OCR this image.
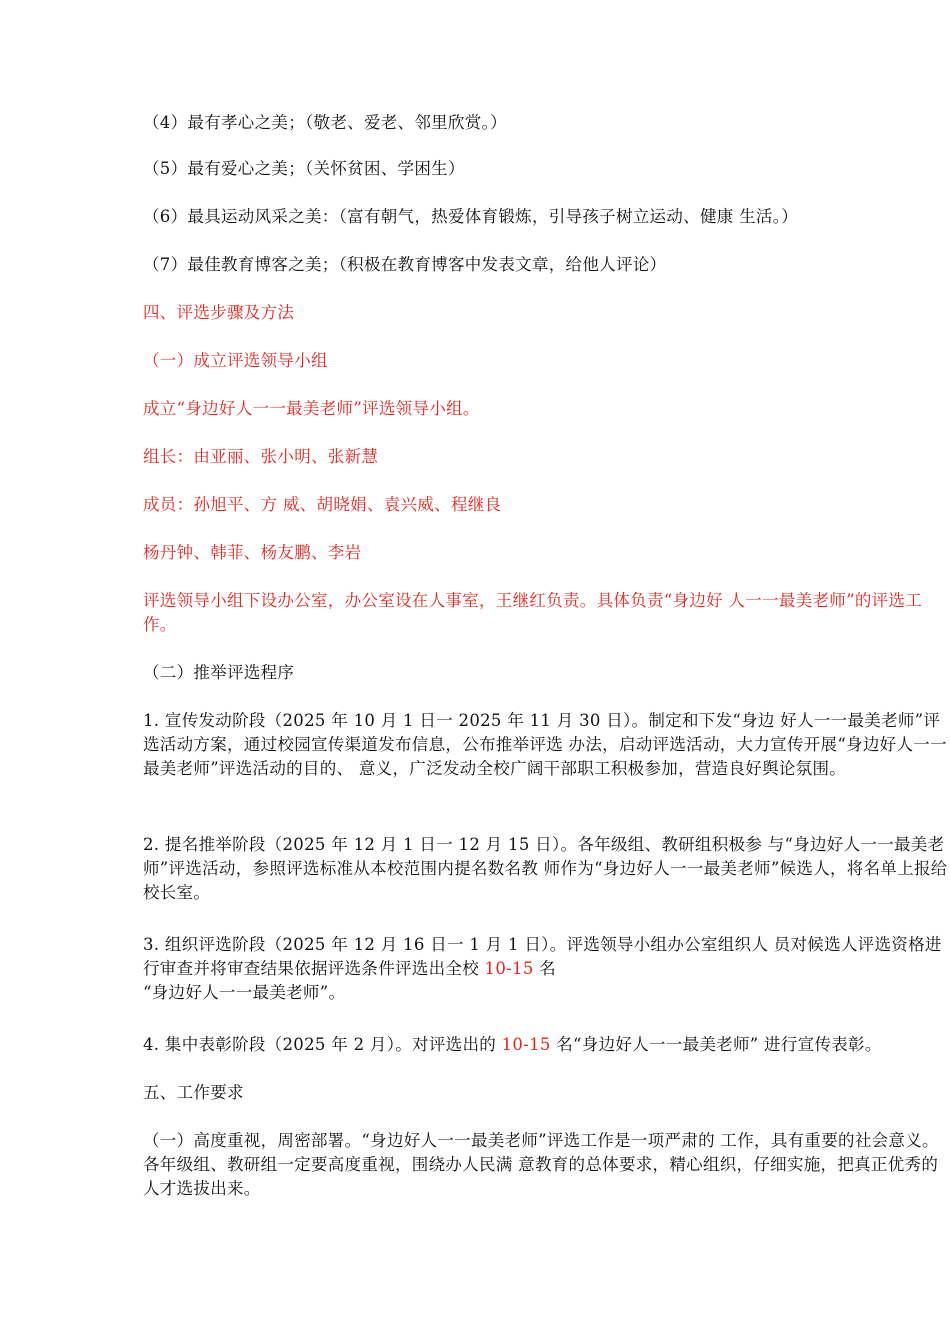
（4）最有孝心之美；（敬老、爱老、邻里欣赏。）

（5）最有爱心之美；（关怀贫困、学困生）

（6）最具运动风采之美：（富有朝气，热爱体育锻炼，引导孩子树立运动、健康 生活。）

（7）最佳教育博客之美；（积极在教育博客中发表文章，给他人评论）

四、评选步骤及方法

（一）成立评选领导小组

成立“身边好人一一最美老师”评选领导小组。

组长：由亚丽、张小明、张新慧

成员：孙旭平、方 威、胡晓娟、袁兴威、程继良

杨丹钟、韩菲、杨友鹏、李岩

评选领导小组下设办公室，办公室设在人事室，王继红负责。具体负责“身边好 人一一最美老师”的评选工作。

（二）推举评选程序

1. 宣传发动阶段（2025 年 10 月 1 日一 2025 年 11 月 30 日）。制定和下发“身边 好人一一最美老师”评选活动方案，通过校园宣传渠道发布信息，公布推举评选 办法，启动评选活动，大力宣传开展“身边好人一一最美老师”评选活动的目的、 意义，广泛发动全校广阔干部职工积极参加，营造良好舆论氛围。

2. 提名推举阶段（2025 年 12 月 1 日一 12 月 15 日）。各年级组、教研组积极参 与“身边好人一一最美老师”评选活动，参照评选标准从本校范围内提名数名教 师作为“身边好人一一最美老师”候选人，将名单上报给校长室。

3. 组织评选阶段（2025 年 12 月 16 日一 1 月 1 日）。评选领导小组办公室组织人 员对候选人评选资格进行审查并将审查结果依据评选条件评选出全校 10-15 名

“身边好人一一最美老师”。

4. 集中表彰阶段（2025 年 2 月）。对评选出的 10-15 名“身边好人一一最美老师” 进行宣传表彰。

五、工作要求

（一）高度重视，周密部署。“身边好人一一最美老师”评选工作是一项严肃的 工作，具有重要的社会意义。各年级组、教研组一定要高度重视，围绕办人民满 意教育的总体要求，精心组织，仔细实施，把真正优秀的人才选拔出来。
